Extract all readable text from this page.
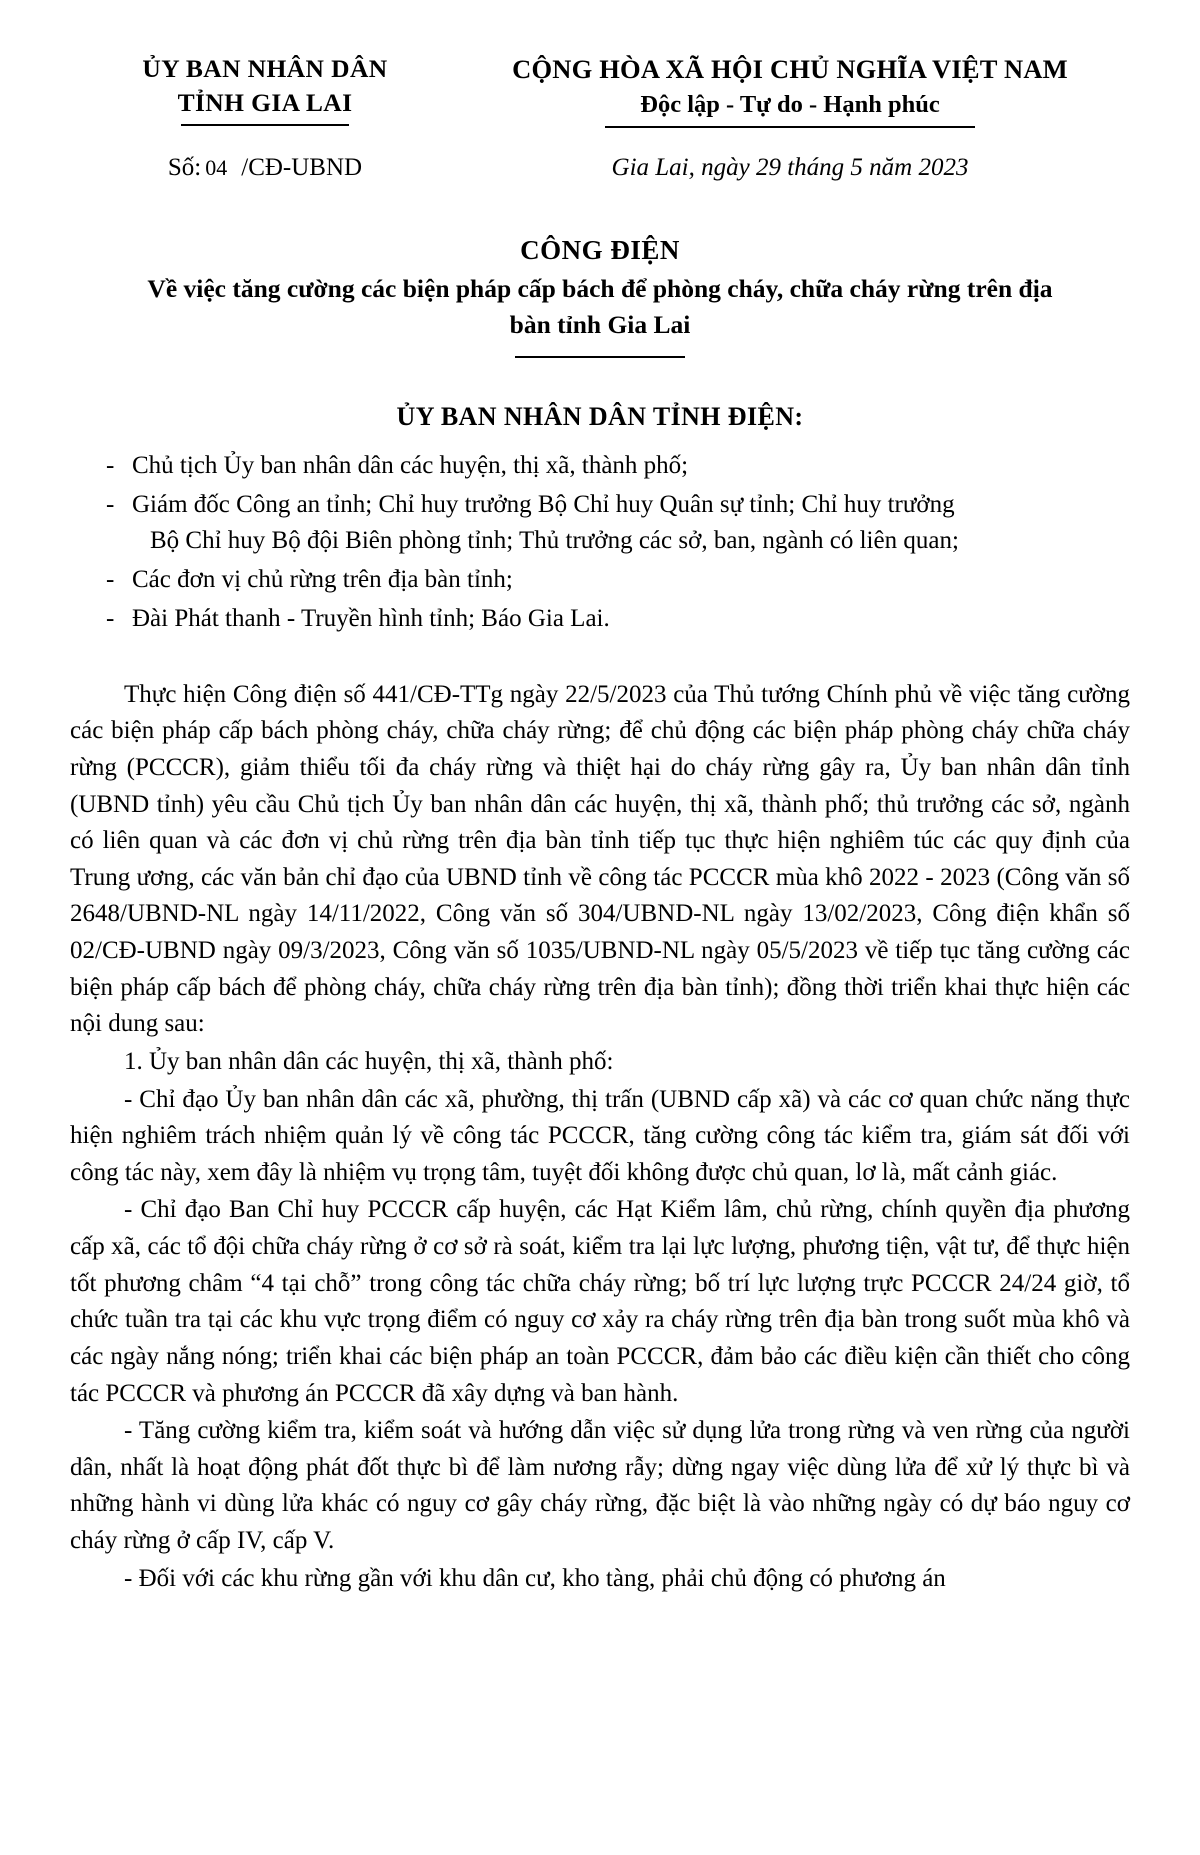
ỦY BAN NHÂN DÂN
TỈNH GIA LAI
CỘNG HÒA XÃ HỘI CHỦ NGHĨA VIỆT NAM
Độc lập - Tự do - Hạnh phúc
Số: 04 /CĐ-UBND	Gia Lai, ngày 29 tháng 5 năm 2023
CÔNG ĐIỆN
Về việc tăng cường các biện pháp cấp bách để phòng cháy, chữa cháy rừng trên địa bàn tỉnh Gia Lai
ỦY BAN NHÂN DÂN TỈNH ĐIỆN:
- Chủ tịch Ủy ban nhân dân các huyện, thị xã, thành phố;
- Giám đốc Công an tỉnh; Chỉ huy trưởng Bộ Chỉ huy Quân sự tỉnh; Chỉ huy trưởng
Bộ Chỉ huy Bộ đội Biên phòng tỉnh; Thủ trưởng các sở, ban, ngành có liên quan;
- Các đơn vị chủ rừng trên địa bàn tỉnh;
- Đài Phát thanh - Truyền hình tỉnh; Báo Gia Lai.

Thực hiện Công điện số 441/CĐ-TTg ngày 22/5/2023 của Thủ tướng Chính phủ về việc tăng cường các biện pháp cấp bách phòng cháy, chữa cháy rừng; để chủ động các biện pháp phòng cháy chữa cháy rừng (PCCCR), giảm thiểu tối đa cháy rừng và thiệt hại do cháy rừng gây ra, Ủy ban nhân dân tỉnh (UBND tỉnh) yêu cầu Chủ tịch Ủy ban nhân dân các huyện, thị xã, thành phố; thủ trưởng các sở, ngành có liên quan và các đơn vị chủ rừng trên địa bàn tỉnh tiếp tục thực hiện nghiêm túc các quy định của Trung ương, các văn bản chỉ đạo của UBND tỉnh về công tác PCCCR mùa khô 2022 - 2023 (Công văn số 2648/UBND-NL ngày 14/11/2022, Công văn số 304/UBND-NL ngày 13/02/2023, Công điện khẩn số 02/CĐ-UBND ngày 09/3/2023, Công văn số 1035/UBND-NL ngày 05/5/2023 về tiếp tục tăng cường các biện pháp cấp bách để phòng cháy, chữa cháy rừng trên địa bàn tỉnh); đồng thời triển khai thực hiện các nội dung sau:

1. Ủy ban nhân dân các huyện, thị xã, thành phố:

- Chỉ đạo Ủy ban nhân dân các xã, phường, thị trấn (UBND cấp xã) và các cơ quan chức năng thực hiện nghiêm trách nhiệm quản lý về công tác PCCCR, tăng cường công tác kiểm tra, giám sát đối với công tác này, xem đây là nhiệm vụ trọng tâm, tuyệt đối không được chủ quan, lơ là, mất cảnh giác.

- Chỉ đạo Ban Chỉ huy PCCCR cấp huyện, các Hạt Kiểm lâm, chủ rừng, chính quyền địa phương cấp xã, các tổ đội chữa cháy rừng ở cơ sở rà soát, kiểm tra lại lực lượng, phương tiện, vật tư, để thực hiện tốt phương châm “4 tại chỗ” trong công tác chữa cháy rừng; bố trí lực lượng trực PCCCR 24/24 giờ, tổ chức tuần tra tại các khu vực trọng điểm có nguy cơ xảy ra cháy rừng trên địa bàn trong suốt mùa khô và các ngày nắng nóng; triển khai các biện pháp an toàn PCCCR, đảm bảo các điều kiện cần thiết cho công tác PCCCR và phương án PCCCR đã xây dựng và ban hành.

- Tăng cường kiểm tra, kiểm soát và hướng dẫn việc sử dụng lửa trong rừng và ven rừng của người dân, nhất là hoạt động phát đốt thực bì để làm nương rẫy; dừng ngay việc dùng lửa để xử lý thực bì và những hành vi dùng lửa khác có nguy cơ gây cháy rừng, đặc biệt là vào những ngày có dự báo nguy cơ cháy rừng ở cấp IV, cấp V.

- Đối với các khu rừng gần với khu dân cư, kho tàng, phải chủ động có phương án
